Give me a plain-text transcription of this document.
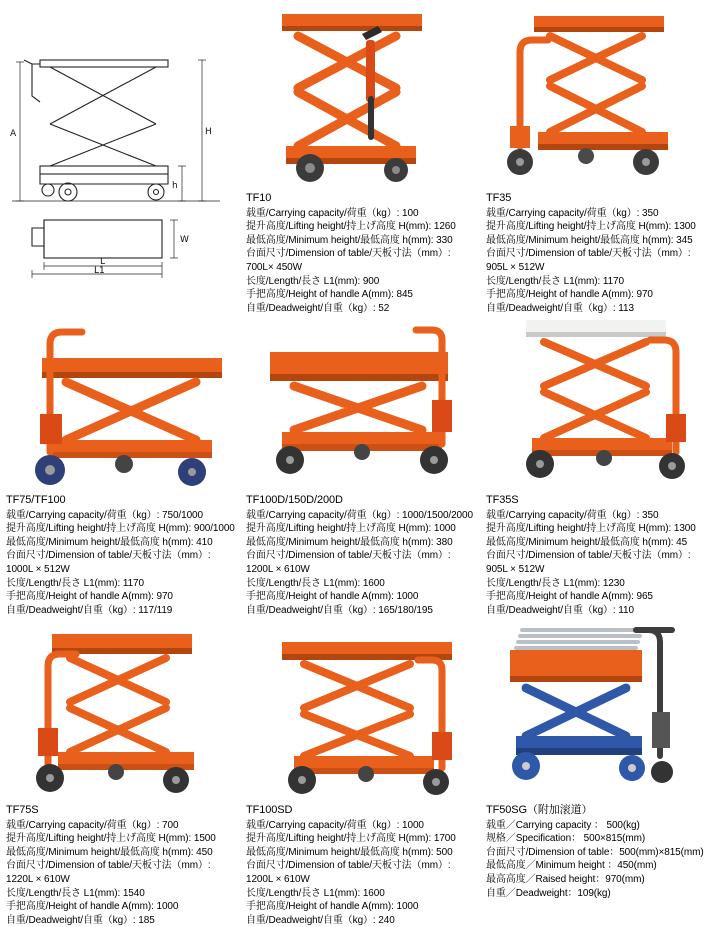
H
A
h
L
L1
W
TF10
载重/Carrying capacity/荷重（kg）: 100
提升高度/Lifting height/持上げ高度 H(mm): 1260
最低高度/Minimum height/最低高度 h(mm): 330
台面尺寸/Dimension of table/天板寸法（mm）:
700L× 450W
长度/Length/長さ L1(mm): 900
手把高度/Height of handle A(mm): 845
自重/Deadweight/自重（kg）: 52
TF35
载重/Carrying capacity/荷重（kg）: 350
提升高度/Lifting height/持上げ高度 H(mm): 1300
最低高度/Minimum height/最低高度 h(mm): 345
台面尺寸/Dimension of table/天板寸法（mm）:
905L × 512W
长度/Length/長さ L1(mm): 1170
手把高度/Height of handle A(mm): 970
自重/Deadweight/自重（kg）: 113
TF75/TF100
载重/Carrying capacity/荷重（kg）: 750/1000
提升高度/Lifting height/持上げ高度 H(mm): 900/1000
最低高度/Minimum height/最低高度 h(mm): 410
台面尺寸/Dimension of table/天板寸法（mm）:
1000L × 512W
长度/Length/長さ L1(mm): 1170
手把高度/Height of handle A(mm): 970
自重/Deadweight/自重（kg）: 117/119
TF100D/150D/200D
载重/Carrying capacity/荷重（kg）: 1000/1500/2000
提升高度/Lifting height/持上げ高度 H(mm): 1000
最低高度/Minimum height/最低高度 h(mm): 380
台面尺寸/Dimension of table/天板寸法（mm）:
1200L × 610W
长度/Length/長さ L1(mm): 1600
手把高度/Height of handle A(mm): 1000
自重/Deadweight/自重（kg）: 165/180/195
TF35S
载重/Carrying capacity/荷重（kg）: 350
提升高度/Lifting height/持上げ高度 H(mm): 1300
最低高度/Minimum height/最低高度 h(mm): 45
台面尺寸/Dimension of table/天板寸法（mm）:
905L × 512W
长度/Length/長さ L1(mm): 1230
手把高度/Height of handle A(mm): 965
自重/Deadweight/自重（kg）: 110
TF75S
载重/Carrying capacity/荷重（kg）: 700
提升高度/Lifting height/持上げ高度 H(mm): 1500
最低高度/Minimum height/最低高度 h(mm): 450
台面尺寸/Dimension of table/天板寸法（mm）:
1220L × 610W
长度/Length/長さ L1(mm): 1540
手把高度/Height of handle A(mm): 1000
自重/Deadweight/自重（kg）: 185
TF100SD
载重/Carrying capacity/荷重（kg）: 1000
提升高度/Lifting height/持上げ高度 H(mm): 1700
最低高度/Minimum height/最低高度 h(mm): 500
台面尺寸/Dimension of table/天板寸法（mm）:
1200L × 610W
长度/Length/長さ L1(mm): 1600
手把高度/Height of handle A(mm): 1000
自重/Deadweight/自重（kg）: 240
TF50SG（附加滚道）
载重／Carrying capacity ： 500(kg)
规格／Specification： 500×815(mm)
台面尺寸/Dimension of table：500(mm)×815(mm)
最低高度／Minimum height ：450(mm)
最高高度／Raised height：970(mm)
自重／Deadweight：109(kg)
